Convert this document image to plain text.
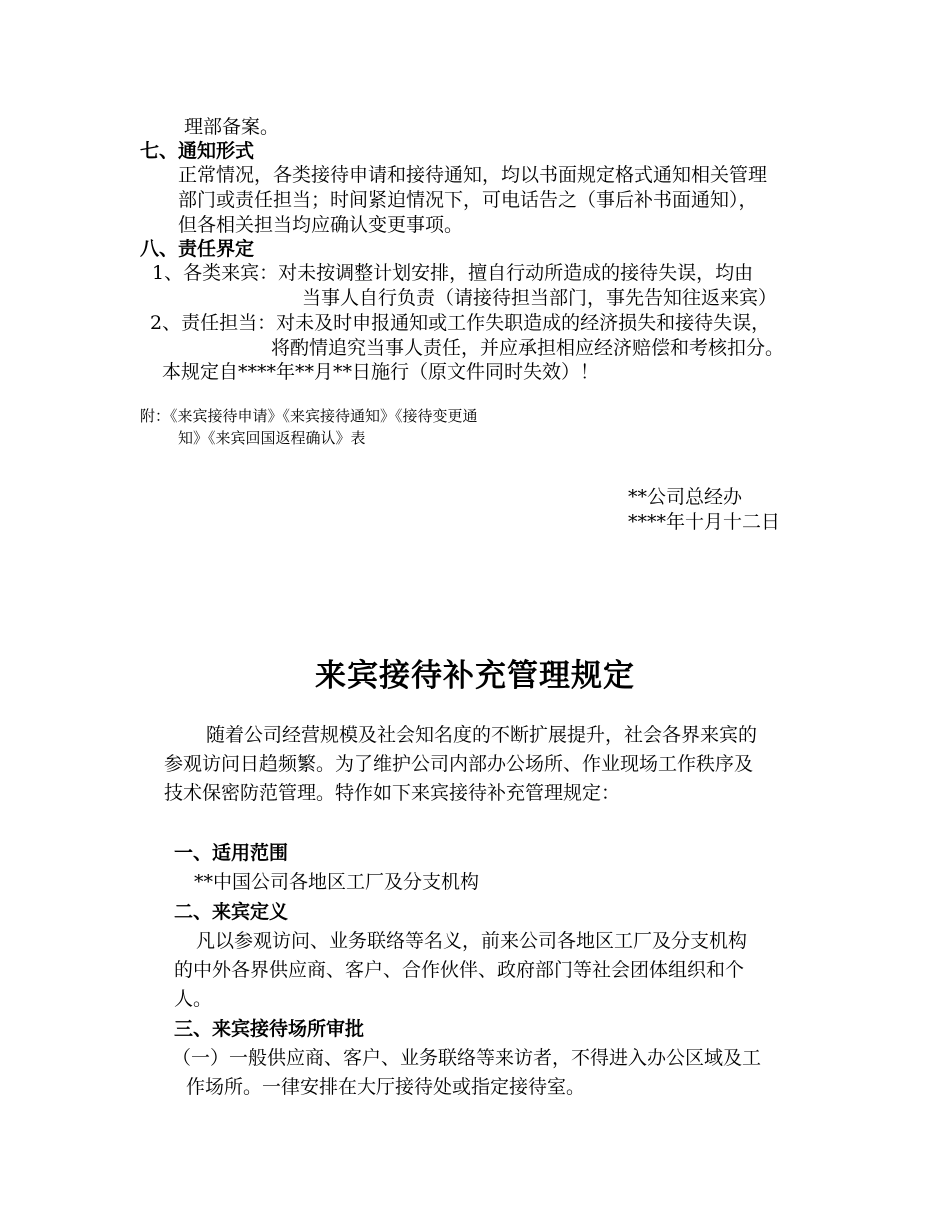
理部备案。
七、通知形式
正常情况，各类接待申请和接待通知，均以书面规定格式通知相关管理
部门或责任担当；时间紧迫情况下，可电话告之（事后补书面通知），
但各相关担当均应确认变更事项。
八、责任界定
1、各类来宾：对未按调整计划安排，擅自行动所造成的接待失误，均由
当事人自行负责（请接待担当部门，事先告知往返来宾）
2、责任担当：对未及时申报通知或工作失职造成的经济损失和接待失误，
将酌情追究当事人责任，并应承担相应经济赔偿和考核扣分。
本规定自****年**月**日施行（原文件同时失效）！
附：《来宾接待申请》《来宾接待通知》《接待变更通
知》《来宾回国返程确认》表
**公司总经办
****年十月十二日
来宾接待补充管理规定
随着公司经营规模及社会知名度的不断扩展提升，社会各界来宾的
参观访问日趋频繁。为了维护公司内部办公场所、作业现场工作秩序及
技术保密防范管理。特作如下来宾接待补充管理规定：
一、适用范围
**中国公司各地区工厂及分支机构
二、来宾定义
凡以参观访问、业务联络等名义，前来公司各地区工厂及分支机构
的中外各界供应商、客户、合作伙伴、政府部门等社会团体组织和个
人。
三、来宾接待场所审批
（一）一般供应商、客户、业务联络等来访者，不得进入办公区域及工
作场所。一律安排在大厅接待处或指定接待室。
